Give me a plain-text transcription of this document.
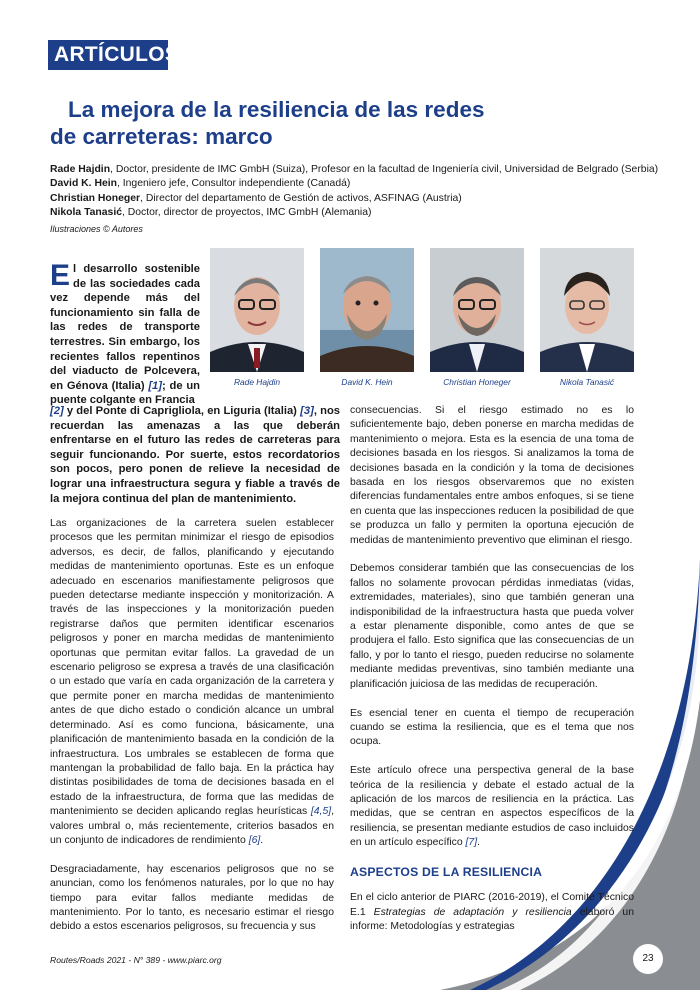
ARTÍCULOS
La mejora de la resiliencia de las redes
de carreteras: marco
Rade Hajdin, Doctor, presidente de IMC GmbH (Suiza), Profesor en la facultad de Ingeniería civil, Universidad de Belgrado (Serbia)
David K. Hein, Ingeniero jefe, Consultor independiente (Canadá)
Christian Honeger, Director del departamento de Gestión de activos, ASFINAG (Austria)
Nikola Tanasić, Doctor, director de proyectos, IMC GmbH (Alemania)
Ilustraciones © Autores
El desarrollo sostenible de las sociedades cada vez depende más del funcionamiento sin falla de las redes de transporte terrestres. Sin embargo, los recientes fallos repentinos del viaducto de Polcevera, en Génova (Italia) [1]; de un puente colgante en Francia
Rade Hajdin	David K. Hein	Christian Honeger	Nikola Tanasić
[2] y del Ponte di Caprigliola, en Liguria (Italia) [3], nos recuerdan las amenazas a las que deberán enfrentarse en el futuro las redes de carreteras para seguir funcionando. Por suerte, estos recordatorios son pocos, pero ponen de relieve la necesidad de lograr una infraestructura segura y fiable a través de la mejora continua del plan de mantenimiento.

Las organizaciones de la carretera suelen establecer procesos que les permitan minimizar el riesgo de episodios adversos, es decir, de fallos, planificando y ejecutando medidas de mantenimiento oportunas. Este es un enfoque adecuado en escenarios manifiestamente peligrosos que pueden detectarse mediante inspección y monitorización. A través de las inspecciones y la monitorización pueden registrarse daños que permiten identificar escenarios peligrosos y poner en marcha medidas de mantenimiento oportunas que permitan evitar fallos. La gravedad de un escenario peligroso se expresa a través de una clasificación o un estado que varía en cada organización de la carretera y que permite poner en marcha medidas de mantenimiento antes de que dicho estado o condición alcance un umbral determinado. Así es como funciona, básicamente, una planificación de mantenimiento basada en la condición de la infraestructura. Los umbrales se establecen de forma que mantengan la probabilidad de fallo baja. En la práctica hay distintas posibilidades de toma de decisiones basada en el estado de la infraestructura, de forma que las medidas de mantenimiento se deciden aplicando reglas heurísticas [4,5], valores umbral o, más recientemente, criterios basados en un conjunto de indicadores de rendimiento [6].

Desgraciadamente, hay escenarios peligrosos que no se anuncian, como los fenómenos naturales, por lo que no hay tiempo para evitar fallos mediante medidas de mantenimiento. Por lo tanto, es necesario estimar el riesgo debido a estos escenarios peligrosos, su frecuencia y sus

consecuencias. Si el riesgo estimado no es lo suficientemente bajo, deben ponerse en marcha medidas de mantenimiento o mejora. Esta es la esencia de una toma de decisiones basada en los riesgos. Si analizamos la toma de decisiones basada en la condición y la toma de decisiones basada en los riesgos observaremos que no existen diferencias fundamentales entre ambos enfoques, si se tiene en cuenta que las inspecciones reducen la posibilidad de que se produzca un fallo y permiten la oportuna ejecución de medidas de mantenimiento preventivo que eliminan el riesgo.

Debemos considerar también que las consecuencias de los fallos no solamente provocan pérdidas inmediatas (vidas, extremidades, materiales), sino que también generan una indisponibilidad de la infraestructura hasta que pueda volver a estar plenamente disponible, como antes de que se produjera el fallo. Esto significa que las consecuencias de un fallo, y por lo tanto el riesgo, pueden reducirse no solamente mediante medidas preventivas, sino también mediante una planificación juiciosa de las medidas de recuperación.

Es esencial tener en cuenta el tiempo de recuperación cuando se estima la resiliencia, que es el tema que nos ocupa.

Este artículo ofrece una perspectiva general de la base teórica de la resiliencia y debate el estado actual de la aplicación de los marcos de resiliencia en la práctica. Las medidas, que se centran en aspectos específicos de la resiliencia, se presentan mediante estudios de caso incluidos en un artículo específico [7].

ASPECTOS DE LA RESILIENCIA

En el ciclo anterior de PIARC (2016-2019), el Comité Técnico E.1 Estrategias de adaptación y resiliencia elaboró un informe: Metodologías y estrategias

Routes/Roads 2021 - N° 389 - www.piarc.org	23
